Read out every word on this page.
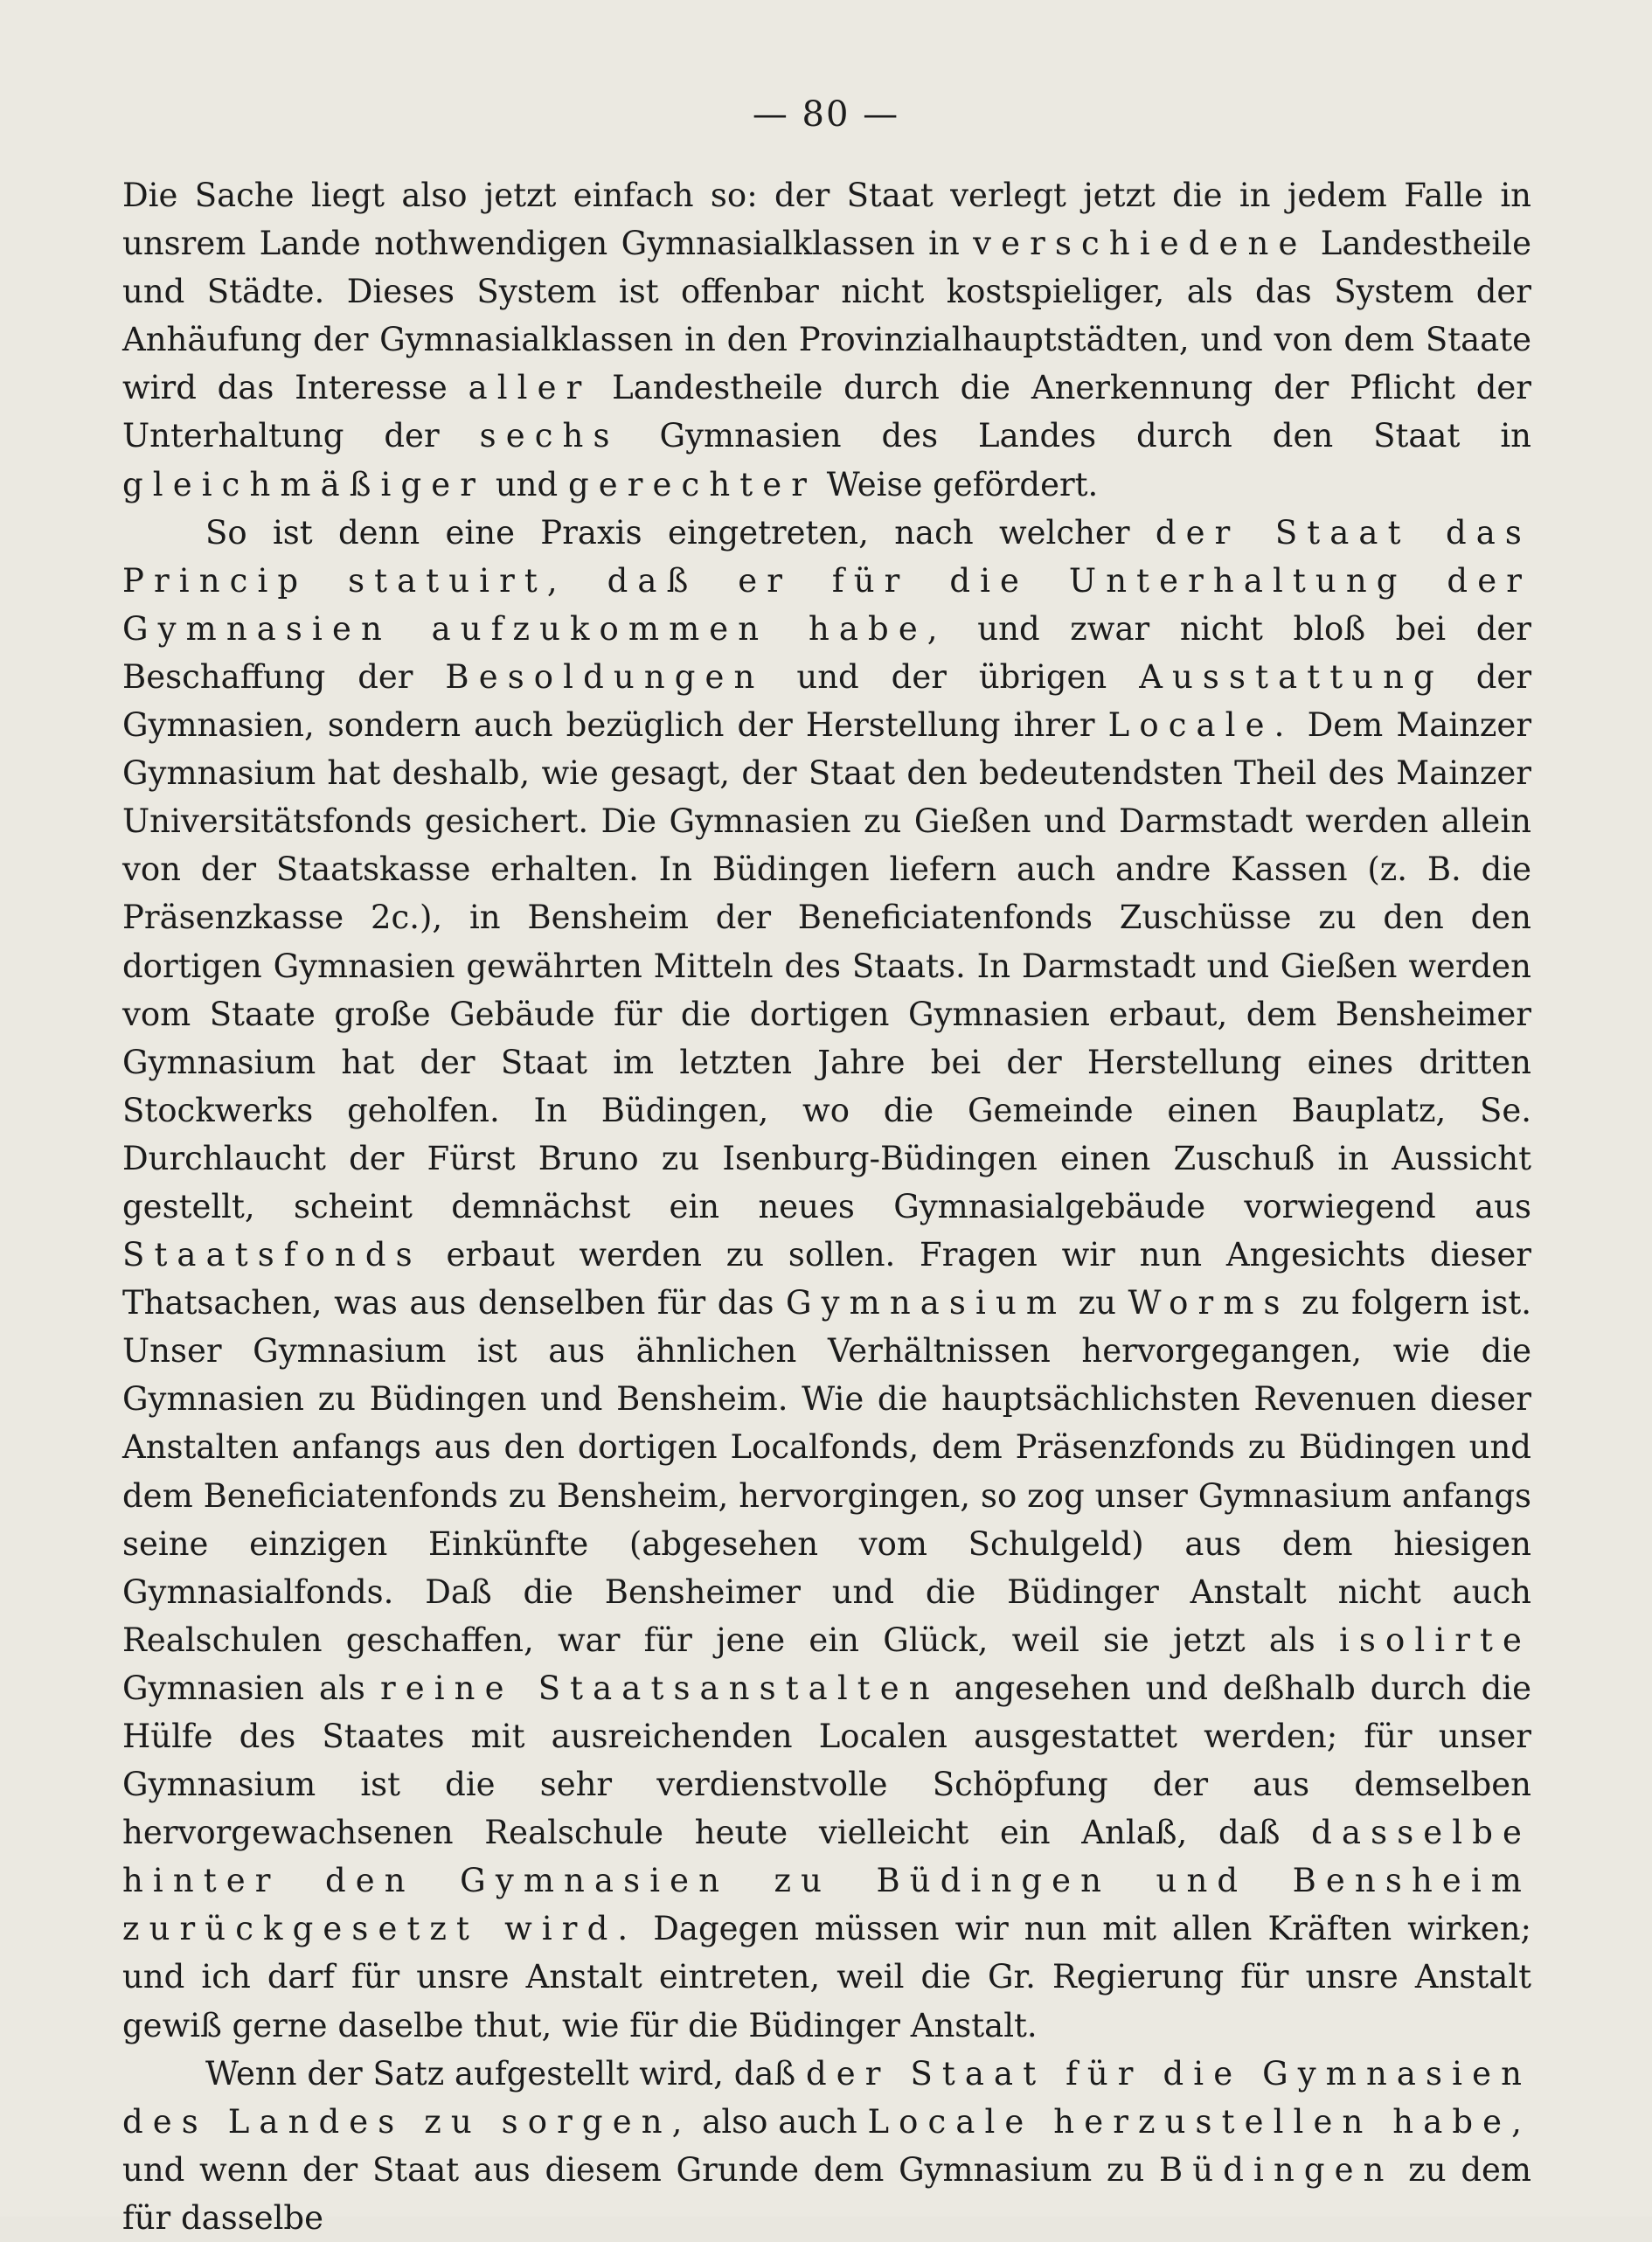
— 80 —

Die Sache liegt also jetzt einfach so: der Staat verlegt jetzt die in jedem Falle in unsrem Lande nothwendigen Gymnasialklassen in verschiedene Landestheile und Städte. Dieses System ist offenbar nicht kostspieliger, als das System der Anhäufung der Gymnasialklassen in den Provinzialhauptstädten, und von dem Staate wird das Interesse aller Landestheile durch die Anerkennung der Pflicht der Unterhaltung der sechs Gymnasien des Landes durch den Staat in gleichmäßiger und gerechter Weise gefördert.

So ist denn eine Praxis eingetreten, nach welcher der Staat das Princip statuirt, daß er für die Unterhaltung der Gymnasien aufzukommen habe, und zwar nicht bloß bei der Beschaffung der Besoldungen und der übrigen Ausstattung der Gymnasien, sondern auch bezüglich der Herstellung ihrer Locale. Dem Mainzer Gymnasium hat deshalb, wie gesagt, der Staat den bedeutendsten Theil des Mainzer Universitätsfonds gesichert. Die Gymnasien zu Gießen und Darmstadt werden allein von der Staatskasse erhalten. In Büdingen liefern auch andre Kassen (z. B. die Präsenzkasse 2c.), in Bensheim der Beneficiatenfonds Zuschüsse zu den den dortigen Gymnasien gewährten Mitteln des Staats. In Darmstadt und Gießen werden vom Staate große Gebäude für die dortigen Gymnasien erbaut, dem Bensheimer Gymnasium hat der Staat im letzten Jahre bei der Herstellung eines dritten Stockwerks geholfen. In Büdingen, wo die Gemeinde einen Bauplatz, Se. Durchlaucht der Fürst Bruno zu Isenburg-Büdingen einen Zuschuß in Aussicht gestellt, scheint demnächst ein neues Gymnasialgebäude vorwiegend aus Staatsfonds erbaut werden zu sollen. Fragen wir nun Angesichts dieser Thatsachen, was aus denselben für das Gymnasium zu Worms zu folgern ist. Unser Gymnasium ist aus ähnlichen Verhältnissen hervorgegangen, wie die Gymnasien zu Büdingen und Bensheim. Wie die hauptsächlichsten Revenuen dieser Anstalten anfangs aus den dortigen Localfonds, dem Präsenzfonds zu Büdingen und dem Beneficiatenfonds zu Bensheim, hervorgingen, so zog unser Gymnasium anfangs seine einzigen Einkünfte (abgesehen vom Schulgeld) aus dem hiesigen Gymnasialfonds. Daß die Bensheimer und die Büdinger Anstalt nicht auch Realschulen geschaffen, war für jene ein Glück, weil sie jetzt als isolirte Gymnasien als reine Staatsanstalten angesehen und deßhalb durch die Hülfe des Staates mit ausreichenden Localen ausgestattet werden; für unser Gymnasium ist die sehr verdienstvolle Schöpfung der aus demselben hervorgewachsenen Realschule heute vielleicht ein Anlaß, daß dasselbe hinter den Gymnasien zu Büdingen und Bensheim zurückgesetzt wird. Dagegen müssen wir nun mit allen Kräften wirken; und ich darf für unsre Anstalt eintreten, weil die Gr. Regierung für unsre Anstalt gewiß gerne daselbe thut, wie für die Büdinger Anstalt.

Wenn der Satz aufgestellt wird, daß der Staat für die Gymnasien des Landes zu sorgen, also auch Locale herzustellen habe, und wenn der Staat aus diesem Grunde dem Gymnasium zu Büdingen zu dem für dasselbe
